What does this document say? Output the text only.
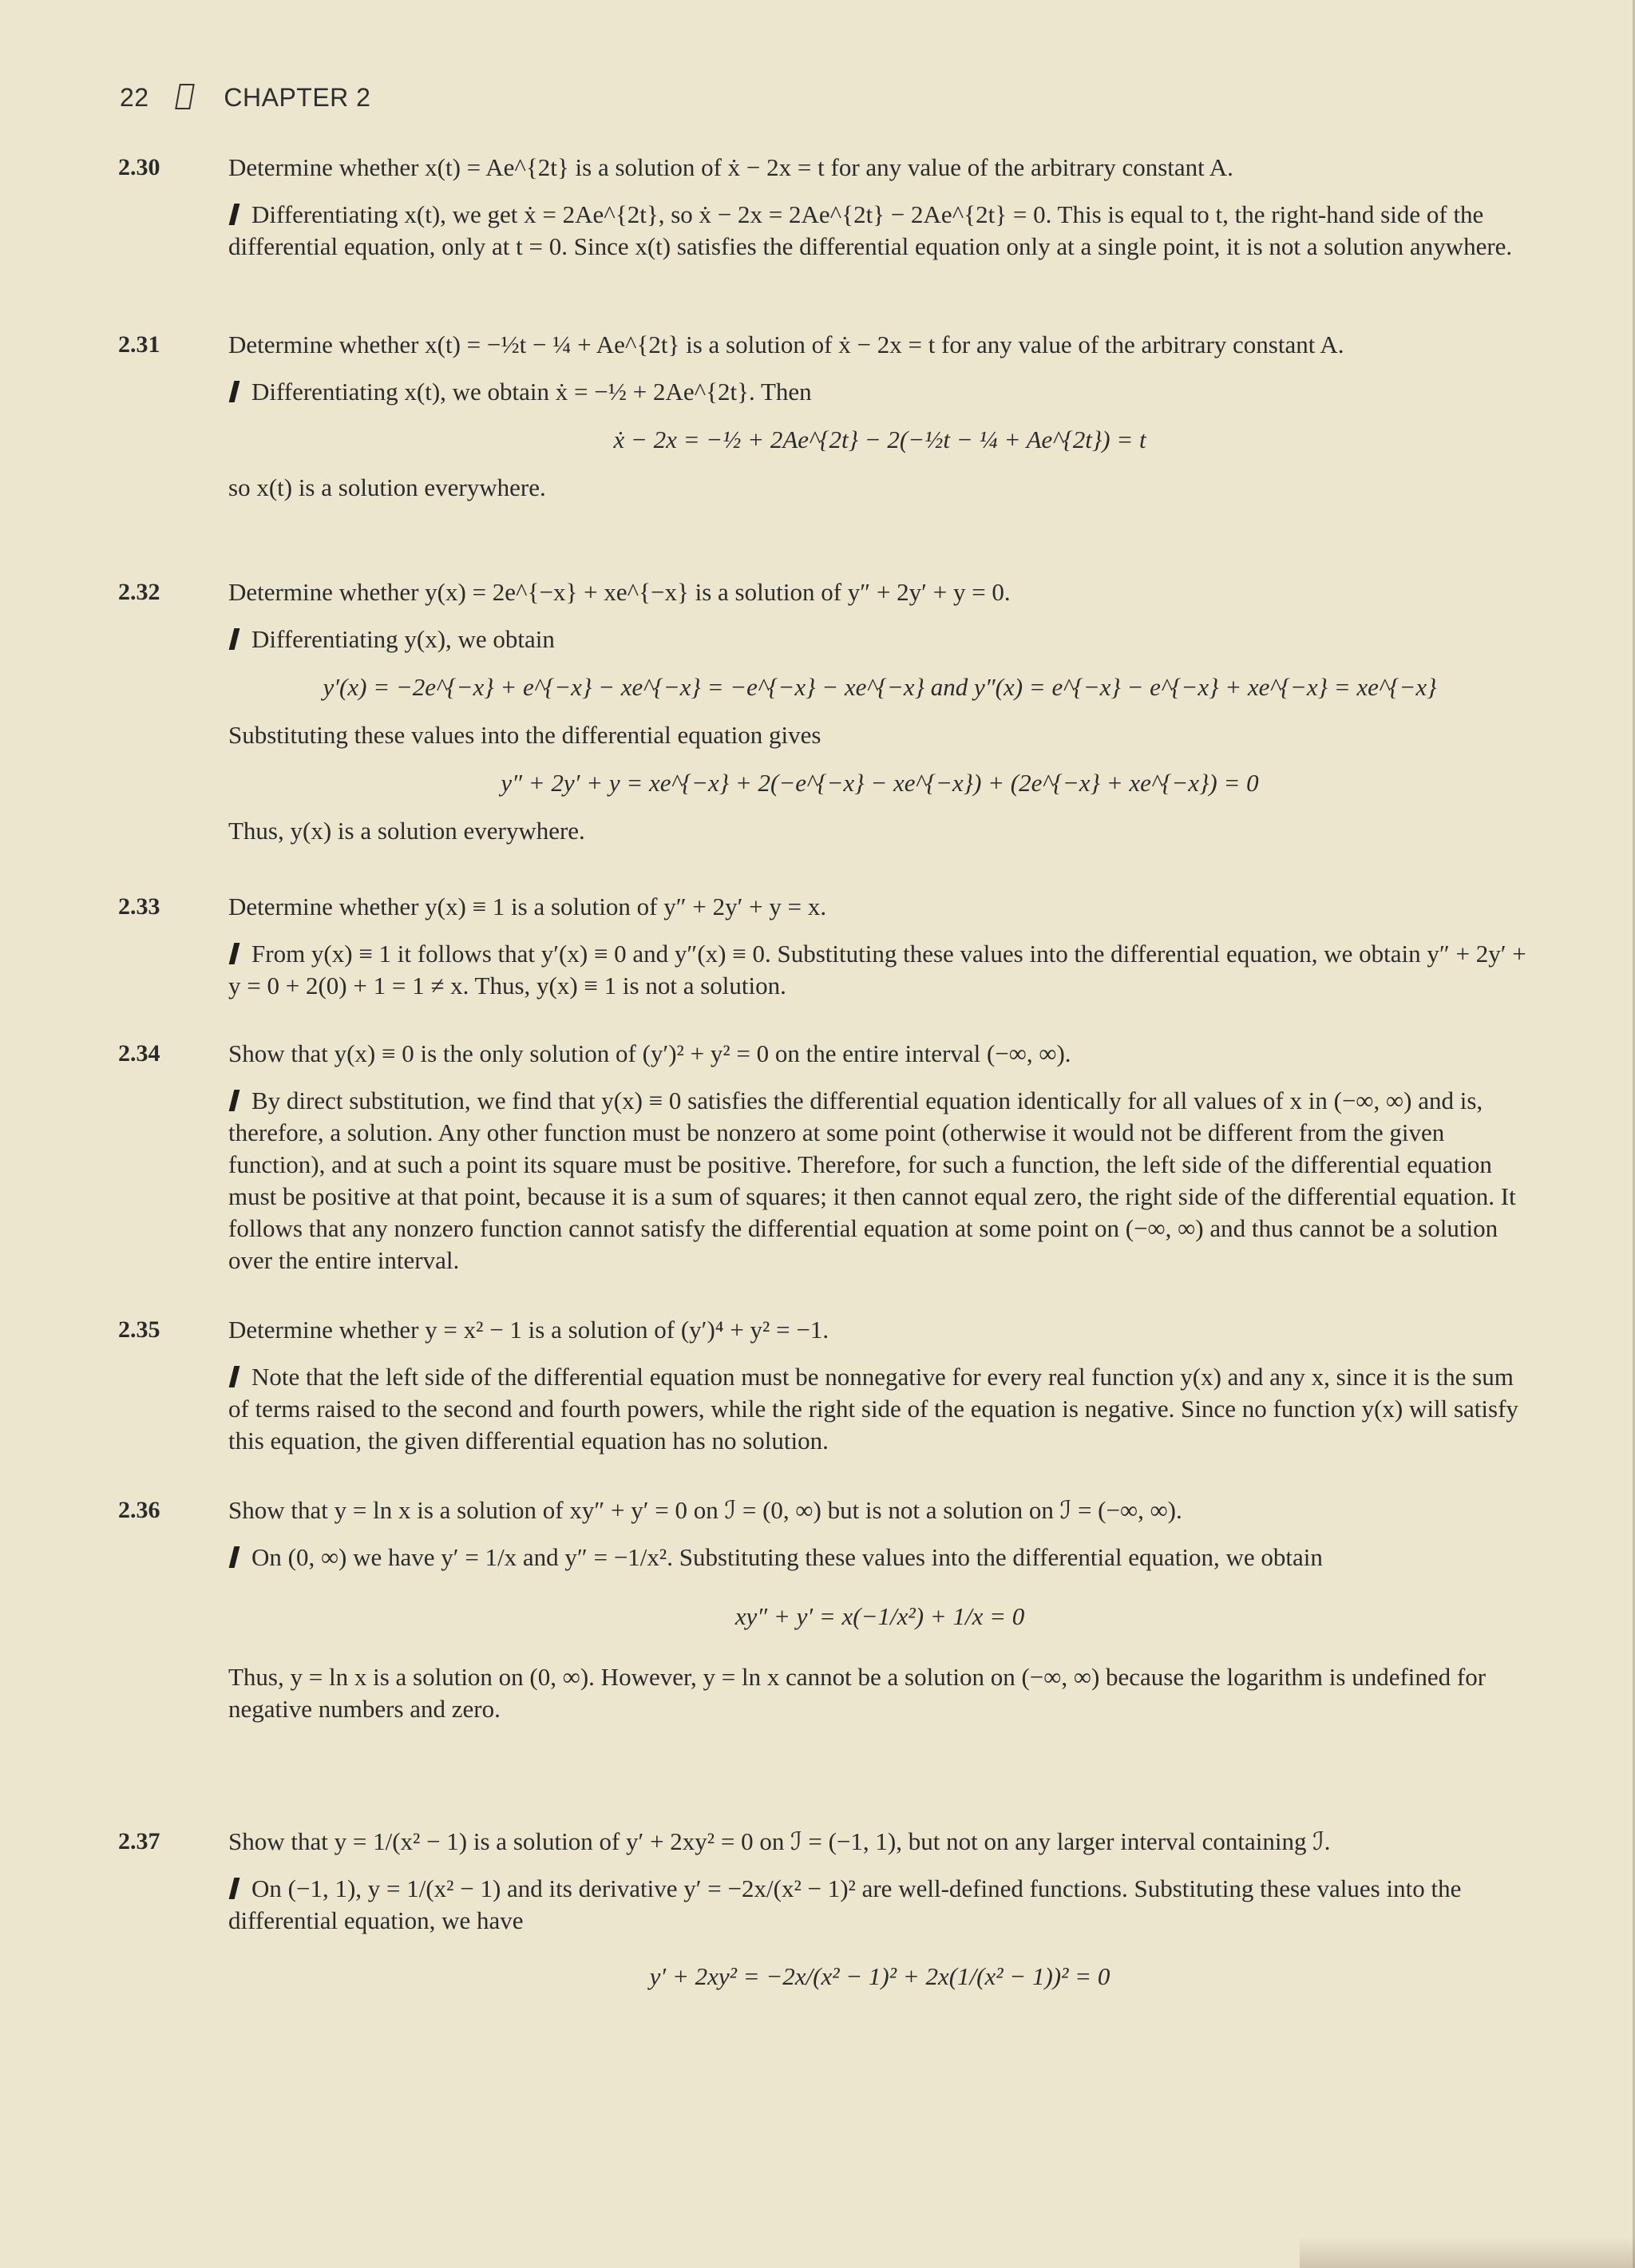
22	CHAPTER 2
2.30	Determine whether x(t) = Ae^{2t} is a solution of ẋ − 2x = t for any value of the arbitrary constant A.

Differentiating x(t), we get ẋ = 2Ae^{2t}, so ẋ − 2x = 2Ae^{2t} − 2Ae^{2t} = 0. This is equal to t, the right-hand side of the differential equation, only at t = 0. Since x(t) satisfies the differential equation only at a single point, it is not a solution anywhere.

2.31	Determine whether x(t) = −½t − ¼ + Ae^{2t} is a solution of ẋ − 2x = t for any value of the arbitrary constant A.

Differentiating x(t), we obtain ẋ = −½ + 2Ae^{2t}. Then

ẋ − 2x = −½ + 2Ae^{2t} − 2(−½t − ¼ + Ae^{2t}) = t

so x(t) is a solution everywhere.

2.32	Determine whether y(x) = 2e^{−x} + xe^{−x} is a solution of y″ + 2y′ + y = 0.

Differentiating y(x), we obtain

y′(x) = −2e^{−x} + e^{−x} − xe^{−x} = −e^{−x} − xe^{−x} and y″(x) = e^{−x} − e^{−x} + xe^{−x} = xe^{−x}

Substituting these values into the differential equation gives

y″ + 2y′ + y = xe^{−x} + 2(−e^{−x} − xe^{−x}) + (2e^{−x} + xe^{−x}) = 0

Thus, y(x) is a solution everywhere.

2.33	Determine whether y(x) ≡ 1 is a solution of y″ + 2y′ + y = x.

From y(x) ≡ 1 it follows that y′(x) ≡ 0 and y″(x) ≡ 0. Substituting these values into the differential equation, we obtain y″ + 2y′ + y = 0 + 2(0) + 1 = 1 ≠ x. Thus, y(x) ≡ 1 is not a solution.

2.34	Show that y(x) ≡ 0 is the only solution of (y′)² + y² = 0 on the entire interval (−∞, ∞).

By direct substitution, we find that y(x) ≡ 0 satisfies the differential equation identically for all values of x in (−∞, ∞) and is, therefore, a solution. Any other function must be nonzero at some point (otherwise it would not be different from the given function), and at such a point its square must be positive. Therefore, for such a function, the left side of the differential equation must be positive at that point, because it is a sum of squares; it then cannot equal zero, the right side of the differential equation. It follows that any nonzero function cannot satisfy the differential equation at some point on (−∞, ∞) and thus cannot be a solution over the entire interval.

2.35	Determine whether y = x² − 1 is a solution of (y′)⁴ + y² = −1.

Note that the left side of the differential equation must be nonnegative for every real function y(x) and any x, since it is the sum of terms raised to the second and fourth powers, while the right side of the equation is negative. Since no function y(x) will satisfy this equation, the given differential equation has no solution.

2.36	Show that y = ln x is a solution of xy″ + y′ = 0 on ℐ = (0, ∞) but is not a solution on ℐ = (−∞, ∞).

On (0, ∞) we have y′ = 1/x and y″ = −1/x². Substituting these values into the differential equation, we obtain

xy″ + y′ = x(−1/x²) + 1/x = 0

Thus, y = ln x is a solution on (0, ∞). However, y = ln x cannot be a solution on (−∞, ∞) because the logarithm is undefined for negative numbers and zero.

2.37	Show that y = 1/(x² − 1) is a solution of y′ + 2xy² = 0 on ℐ = (−1, 1), but not on any larger interval containing ℐ.

On (−1, 1), y = 1/(x² − 1) and its derivative y′ = −2x/(x² − 1)² are well-defined functions. Substituting these values into the differential equation, we have

y′ + 2xy² = −2x/(x² − 1)² + 2x(1/(x² − 1))² = 0
